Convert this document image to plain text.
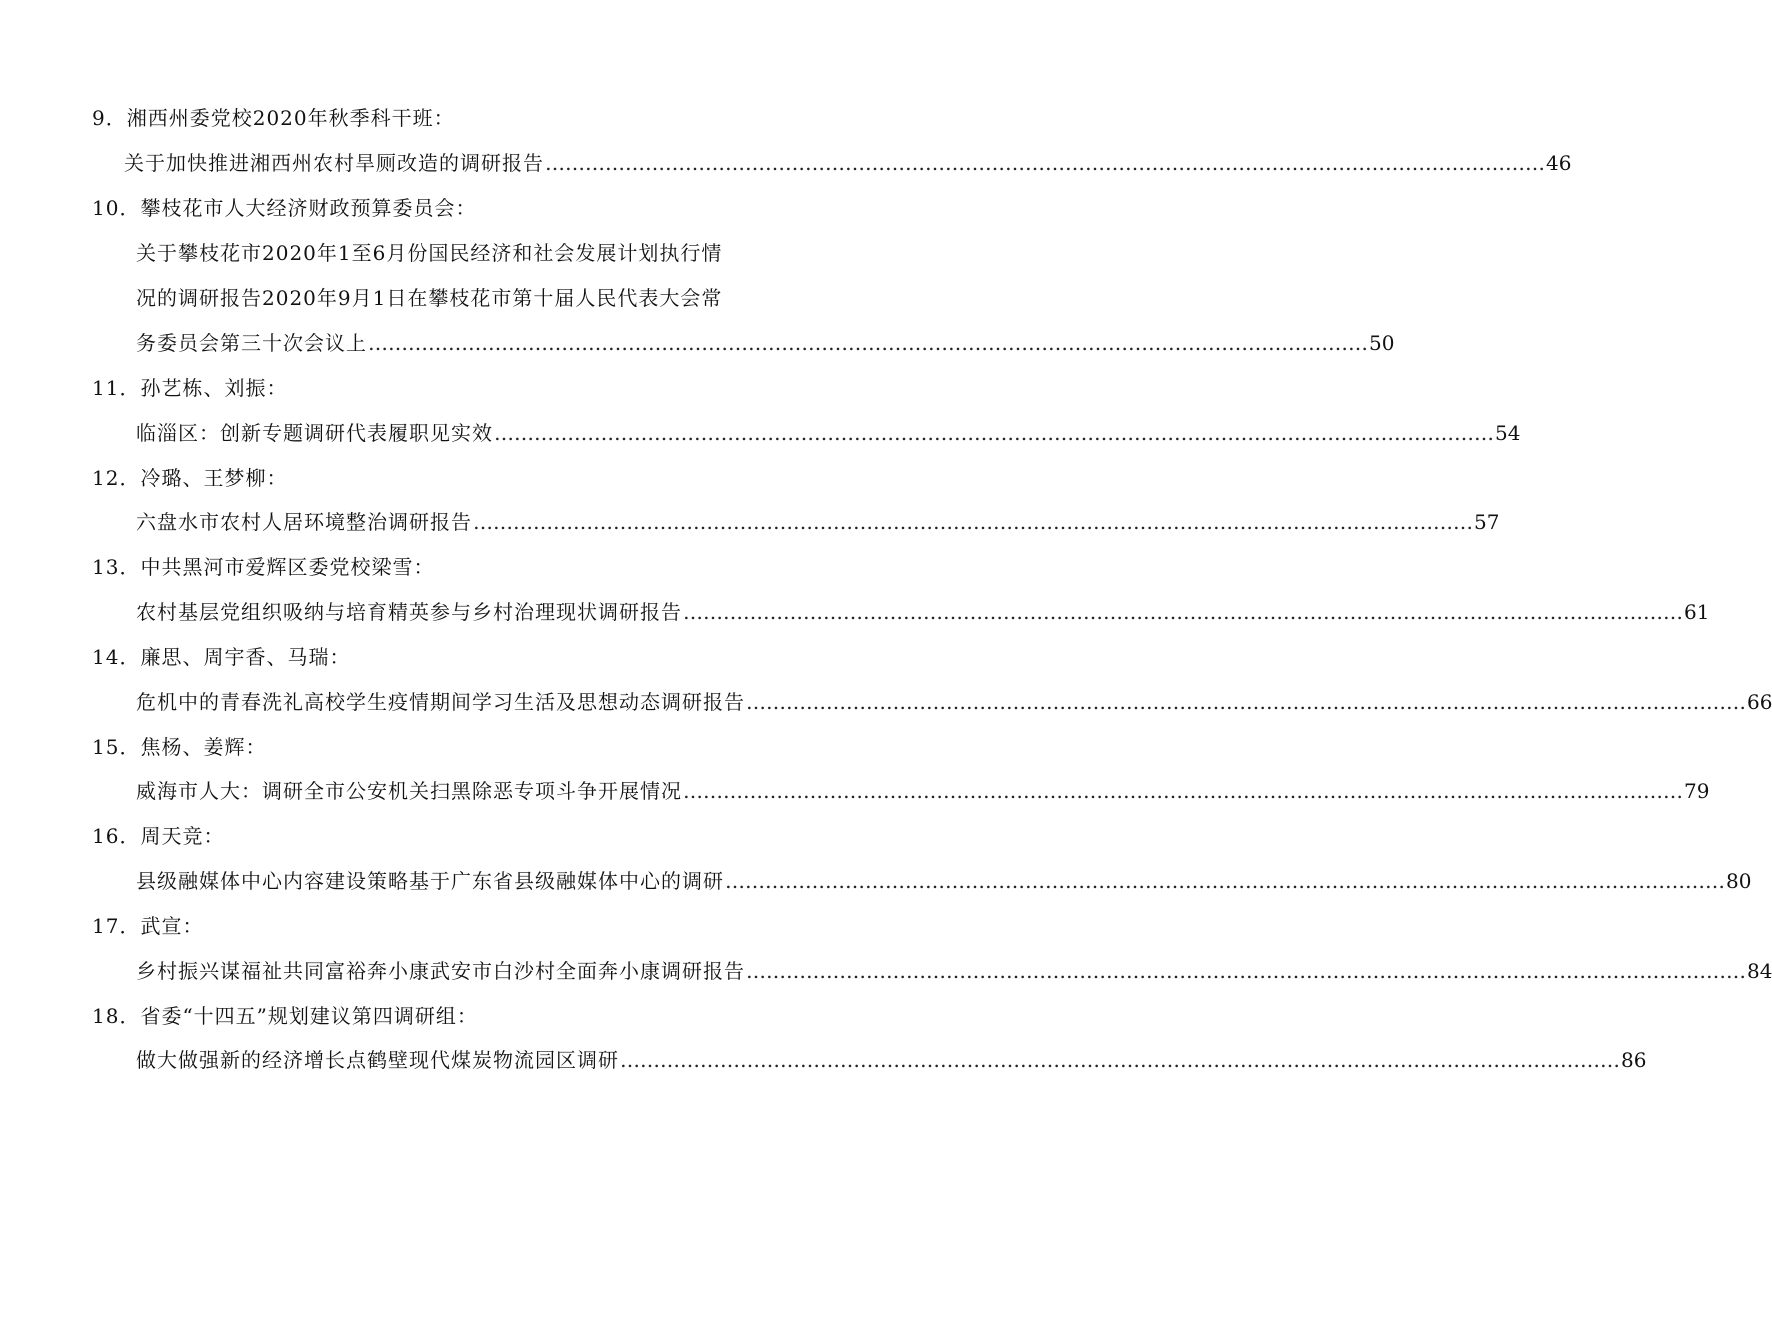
9．湘西州委党校2020年秋季科干班：
关于加快推进湘西州农村旱厕改造的调研报告 …………………………………………………………………………………………………………………………………… 46
10．攀枝花市人大经济财政预算委员会：
关于攀枝花市2020年1至6月份国民经济和社会发展计划执行情
况的调研报告2020年9月1日在攀枝花市第十届人民代表大会常
务委员会第三十次会议上 …………………………………………………………………………………………………………………………………… 50
11．孙艺栋、刘振：
临淄区：创新专题调研代表履职见实效 …………………………………………………………………………………………………………………………………… 54
12．冷璐、王梦柳：
六盘水市农村人居环境整治调研报告 …………………………………………………………………………………………………………………………………… 57
13．中共黑河市爱辉区委党校梁雪：
农村基层党组织吸纳与培育精英参与乡村治理现状调研报告 …………………………………………………………………………………………………………………………………… 61
14．廉思、周宇香、马瑞：
危机中的青春洗礼高校学生疫情期间学习生活及思想动态调研报告 …………………………………………………………………………………………………………………………………… 66
15．焦杨、姜辉：
威海市人大：调研全市公安机关扫黑除恶专项斗争开展情况 …………………………………………………………………………………………………………………………………… 79
16．周天竞：
县级融媒体中心内容建设策略基于广东省县级融媒体中心的调研 …………………………………………………………………………………………………………………………………… 80
17．武宣：
乡村振兴谋福祉共同富裕奔小康武安市白沙村全面奔小康调研报告 …………………………………………………………………………………………………………………………………… 84
18．省委“十四五”规划建议第四调研组：
做大做强新的经济增长点鹤壁现代煤炭物流园区调研 …………………………………………………………………………………………………………………………………… 86
